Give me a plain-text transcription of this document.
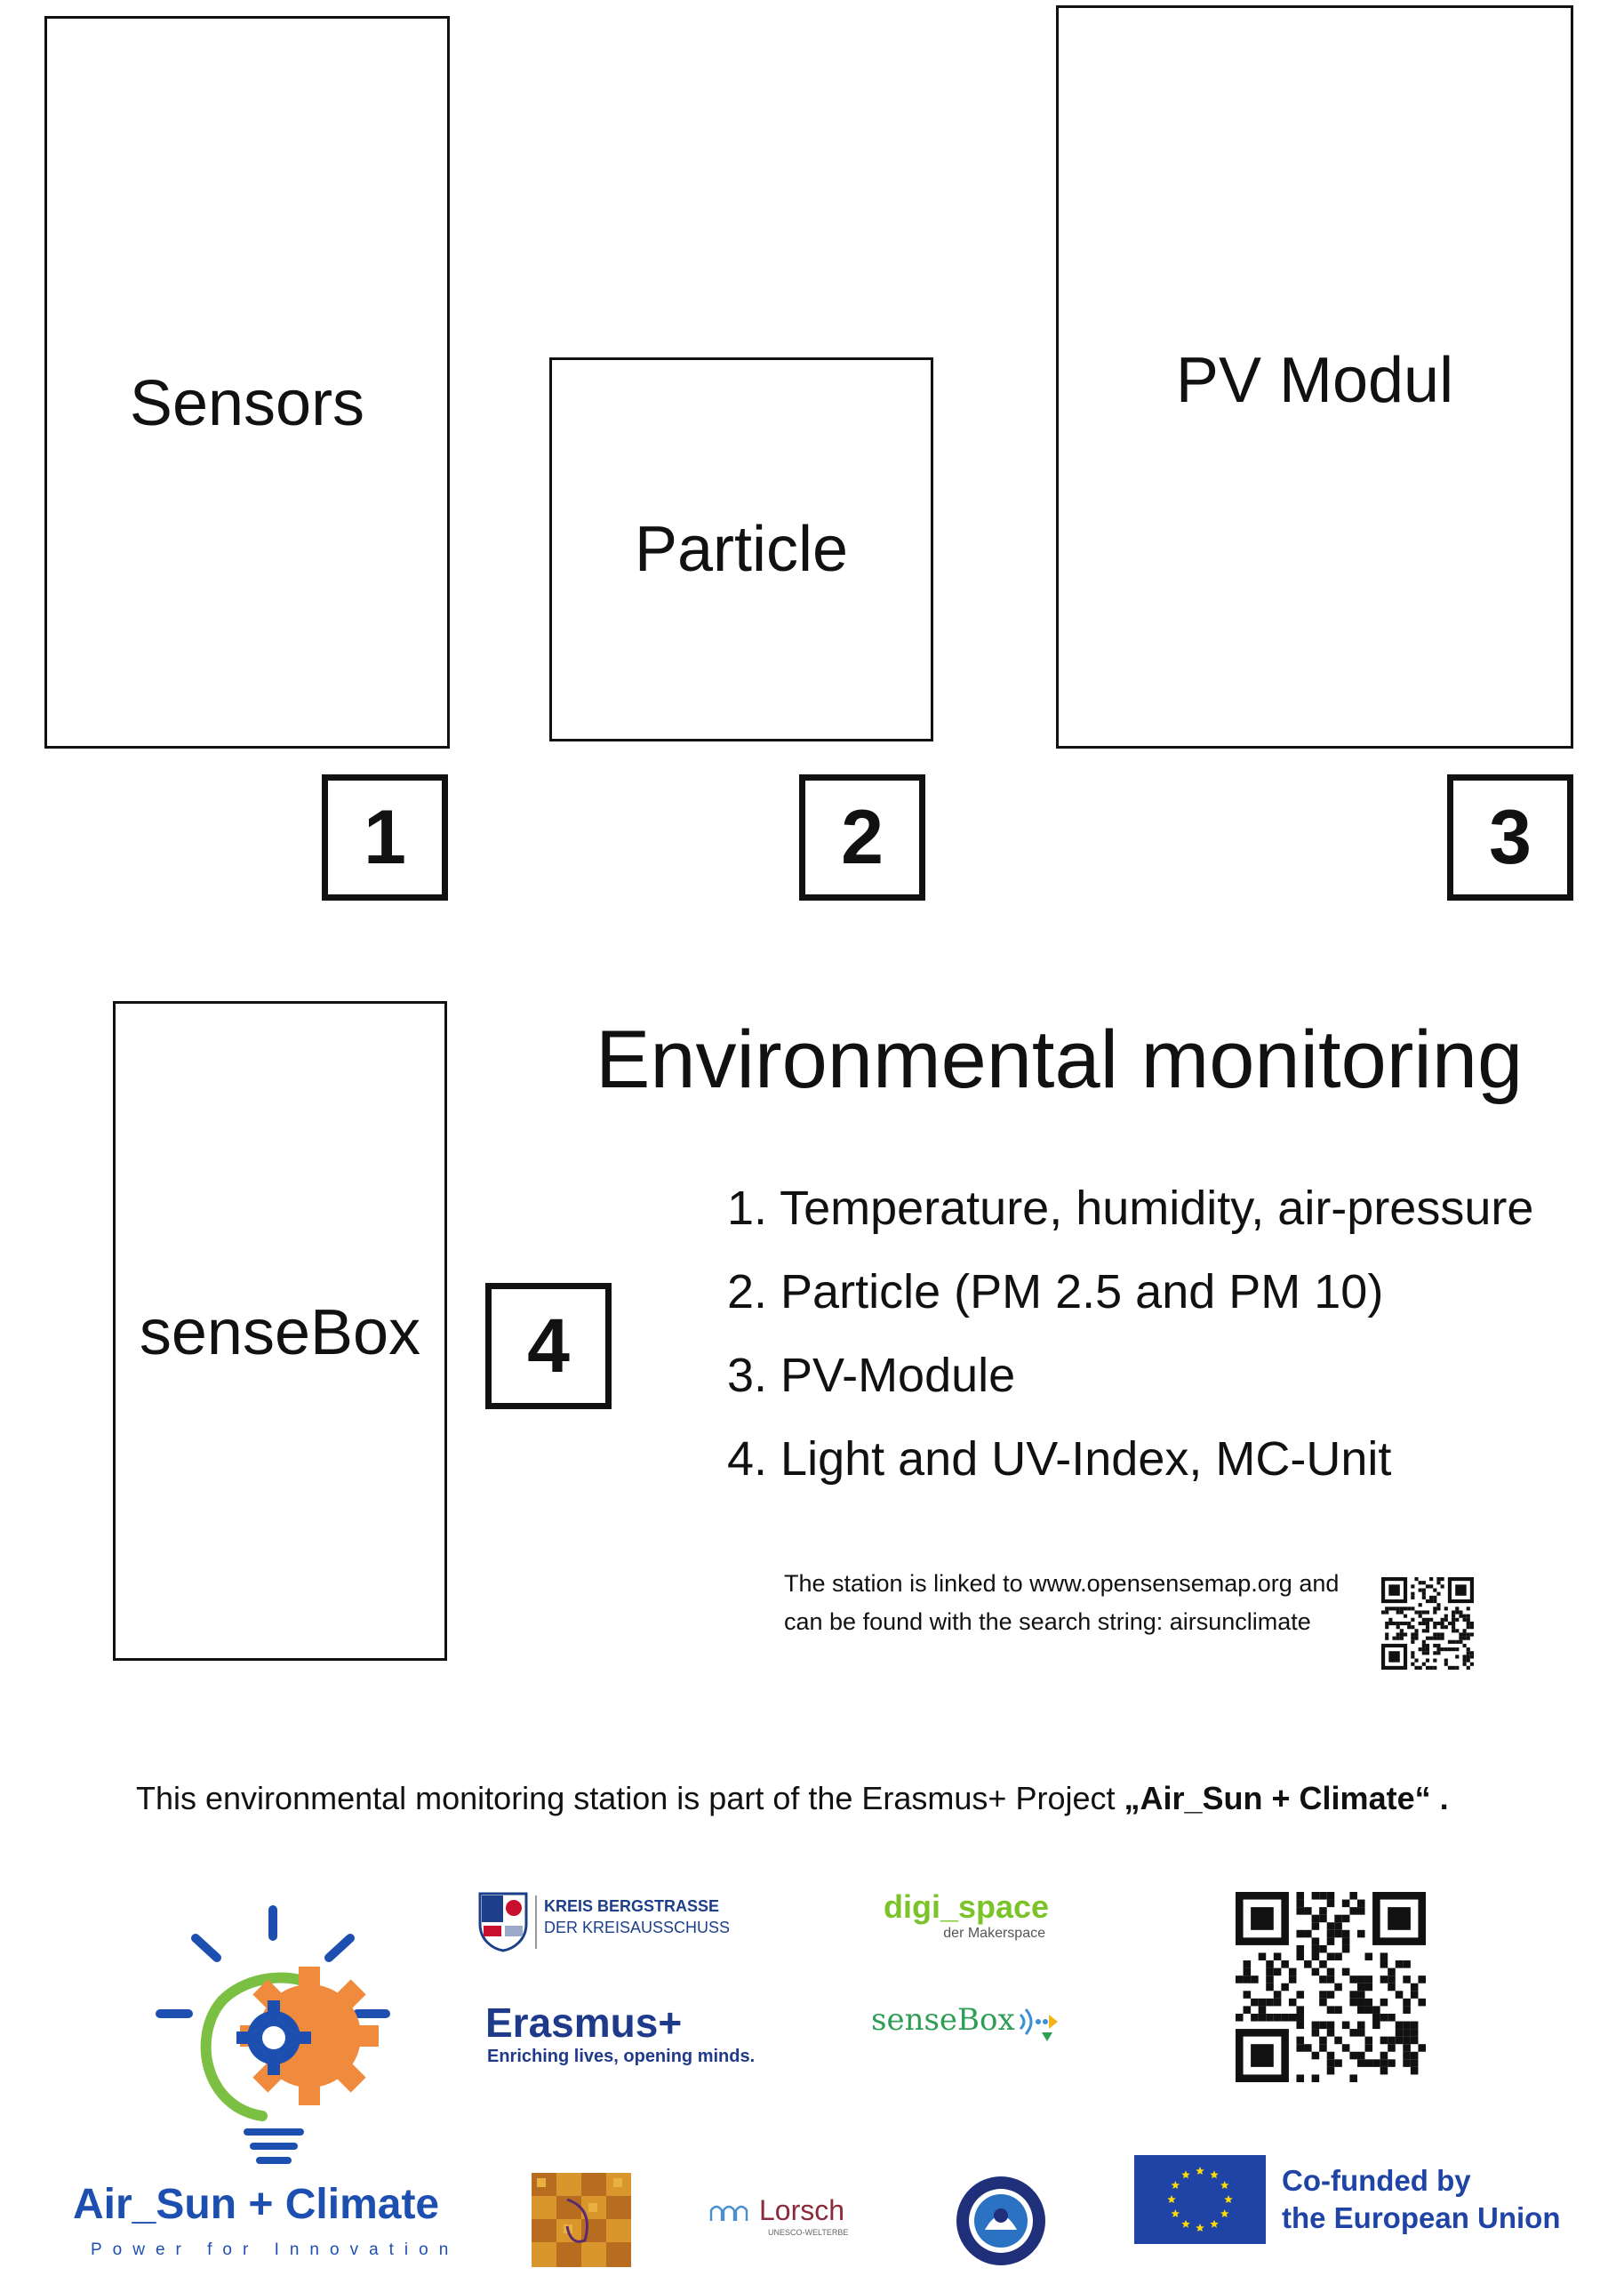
Sensors
Particle
PV Modul
senseBox
1	2	3
4
Environmental monitoring
1. Temperature, humidity, air-pressure
2. Particle (PM 2.5 and PM 10)
3. PV-Module
4. Light and UV-Index, MC-Unit
The station is linked to www.opensensemap.org and
can be found with the search string: airsunclimate
This environmental monitoring station is part of the Erasmus+ Project „Air_Sun + Climate“ .
Air_Sun + Climate
Power for Innovation
KREIS BERGSTRASSE
DER KREISAUSSCHUSS
digi_space
der Makerspace
Erasmus+
Enriching lives, opening minds.
senseBox
Lorsch
UNESCO-WELTERBE
Co-funded by
the European Union
